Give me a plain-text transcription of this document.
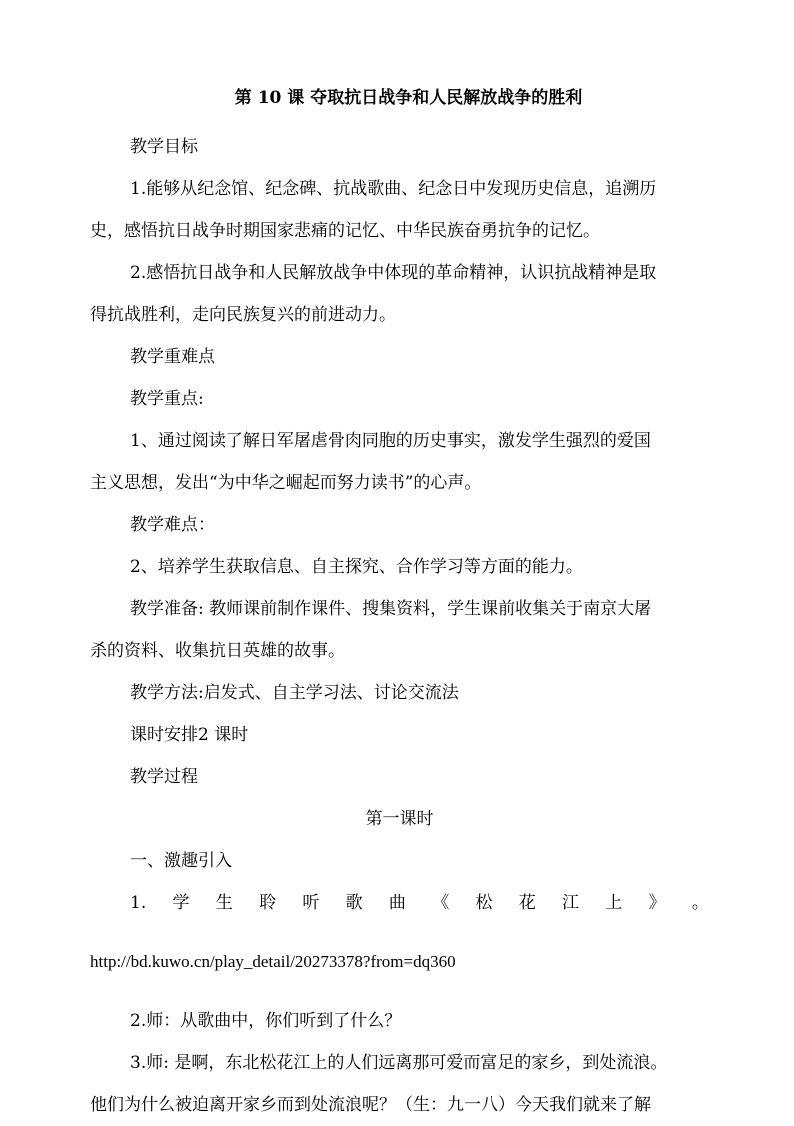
第 10 课 夺取抗日战争和人民解放战争的胜利

教学目标

1.能够从纪念馆、纪念碑、抗战歌曲、纪念日中发现历史信息，追溯历

史，感悟抗日战争时期国家悲痛的记忆、中华民族奋勇抗争的记忆。

2.感悟抗日战争和人民解放战争中体现的革命精神，认识抗战精神是取

得抗战胜利，走向民族复兴的前进动力。

教学重难点

教学重点:

1、通过阅读了解日军屠虐骨肉同胞的历史事实，激发学生强烈的爱国

主义思想，发出“为中华之崛起而努力读书”的心声。

教学难点：

2、培养学生获取信息、自主探究、合作学习等方面的能力。

教学准备: 教师课前制作课件、搜集资料，学生课前收集关于南京大屠

杀的资料、收集抗日英雄的故事。

教学方法:启发式、自主学习法、讨论交流法

课时安排2 课时

教学过程

第一课时

一、激趣引入

1. 学 生 聆 听 歌 曲 《 松 花 江 上 》 。

http://bd.kuwo.cn/play_detail/20273378?from=dq360

2.师：从歌曲中，你们听到了什么？

3.师: 是啊，东北松花江上的人们远离那可爱而富足的家乡，到处流浪。

他们为什么被迫离开家乡而到处流浪呢？（生：九一八）今天我们就来了解
